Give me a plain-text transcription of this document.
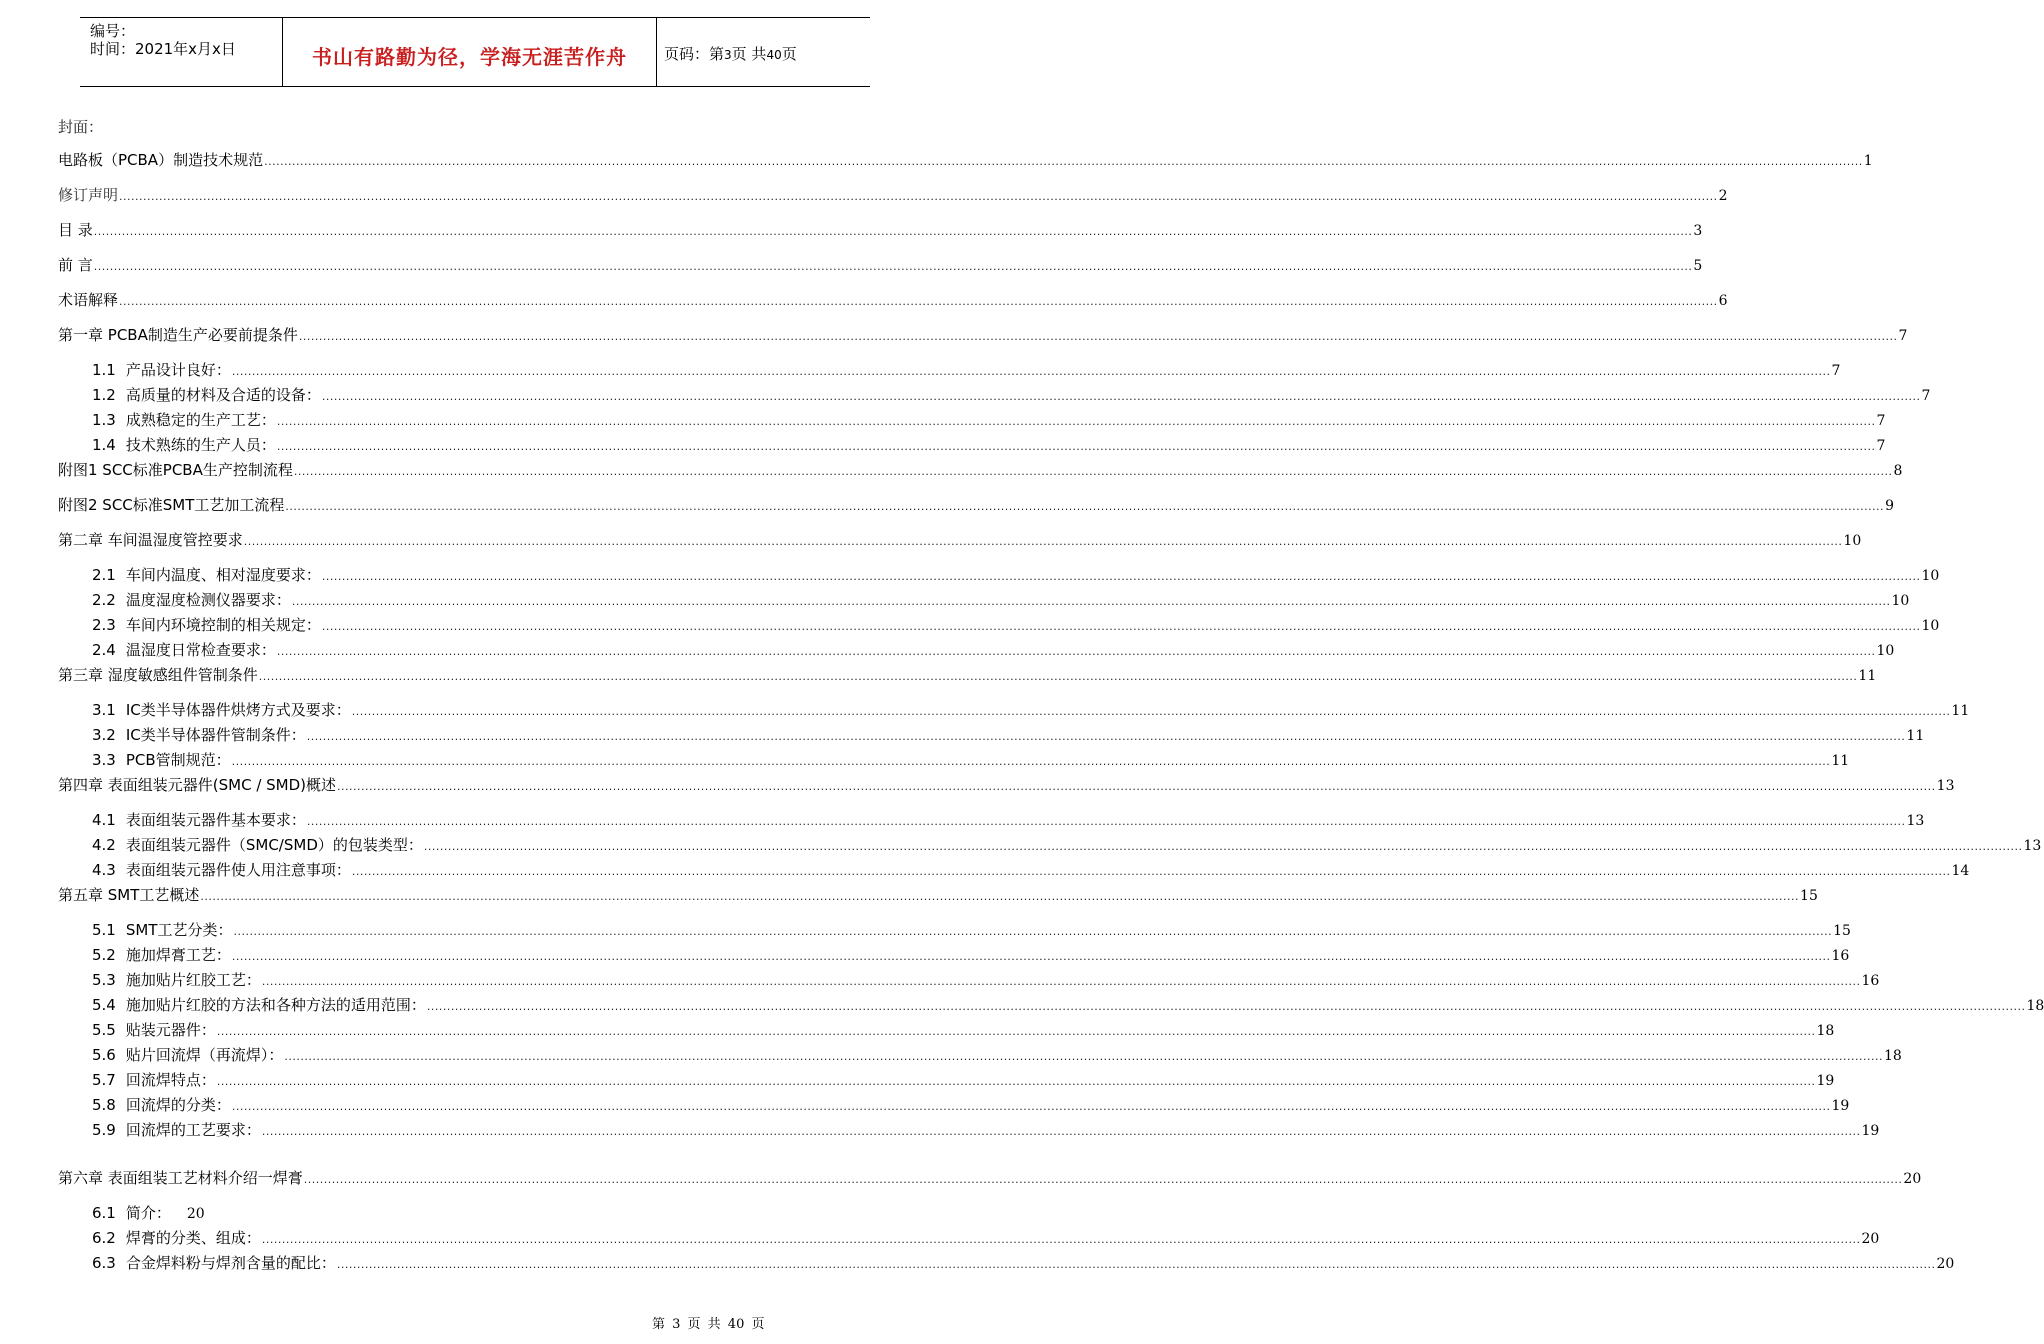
编号：
时间：2021年x月x日	书山有路勤为径，学海无涯苦作舟	页码：第3页 共40页
封面：
电路板（PCBA）制造技术规范 ................................................................................................................................................................................................................................................................................................................................................................................................................ 1
修订声明 ................................................................................................................................................................................................................................................................................................................................................................................................................ 2
目 录 ................................................................................................................................................................................................................................................................................................................................................................................................................ 3
前 言 ................................................................................................................................................................................................................................................................................................................................................................................................................ 5
术语解释 ................................................................................................................................................................................................................................................................................................................................................................................................................ 6
第一章 PCBA制造生产必要前提条件 ................................................................................................................................................................................................................................................................................................................................................................................................................ 7
1.1 产品设计良好： ................................................................................................................................................................................................................................................................................................................................................................................................................ 7
1.2 高质量的材料及合适的设备： ................................................................................................................................................................................................................................................................................................................................................................................................................ 7
1.3 成熟稳定的生产工艺： ................................................................................................................................................................................................................................................................................................................................................................................................................ 7
1.4 技术熟练的生产人员： ................................................................................................................................................................................................................................................................................................................................................................................................................ 7
附图1 SCC标准PCBA生产控制流程 ................................................................................................................................................................................................................................................................................................................................................................................................................ 8
附图2 SCC标准SMT工艺加工流程 ................................................................................................................................................................................................................................................................................................................................................................................................................ 9
第二章 车间温湿度管控要求 ................................................................................................................................................................................................................................................................................................................................................................................................................ 10
2.1 车间内温度、相对湿度要求： ................................................................................................................................................................................................................................................................................................................................................................................................................ 10
2.2 温度湿度检测仪器要求： ................................................................................................................................................................................................................................................................................................................................................................................................................ 10
2.3 车间内环境控制的相关规定： ................................................................................................................................................................................................................................................................................................................................................................................................................ 10
2.4 温湿度日常检查要求： ................................................................................................................................................................................................................................................................................................................................................................................................................ 10
第三章 湿度敏感组件管制条件 ................................................................................................................................................................................................................................................................................................................................................................................................................ 11
3.1 IC类半导体器件烘烤方式及要求： ................................................................................................................................................................................................................................................................................................................................................................................................................ 11
3.2 IC类半导体器件管制条件： ................................................................................................................................................................................................................................................................................................................................................................................................................ 11
3.3 PCB管制规范： ................................................................................................................................................................................................................................................................................................................................................................................................................ 11
第四章 表面组装元器件(SMC / SMD)概述 ................................................................................................................................................................................................................................................................................................................................................................................................................ 13
4.1 表面组装元器件基本要求： ................................................................................................................................................................................................................................................................................................................................................................................................................ 13
4.2 表面组装元器件（SMC/SMD）的包装类型： ................................................................................................................................................................................................................................................................................................................................................................................................................ 13
4.3 表面组装元器件使人用注意事项： ................................................................................................................................................................................................................................................................................................................................................................................................................ 14
第五章 SMT工艺概述 ................................................................................................................................................................................................................................................................................................................................................................................................................ 15
5.1 SMT工艺分类： ................................................................................................................................................................................................................................................................................................................................................................................................................ 15
5.2 施加焊膏工艺： ................................................................................................................................................................................................................................................................................................................................................................................................................ 16
5.3 施加贴片红胶工艺： ................................................................................................................................................................................................................................................................................................................................................................................................................ 16
5.4 施加贴片红胶的方法和各种方法的适用范围： ................................................................................................................................................................................................................................................................................................................................................................................................................ 18
5.5 贴装元器件： ................................................................................................................................................................................................................................................................................................................................................................................................................ 18
5.6 贴片回流焊（再流焊）： ................................................................................................................................................................................................................................................................................................................................................................................................................ 18
5.7 回流焊特点： ................................................................................................................................................................................................................................................................................................................................................................................................................ 19
5.8 回流焊的分类： ................................................................................................................................................................................................................................................................................................................................................................................................................ 19
5.9 回流焊的工艺要求： ................................................................................................................................................................................................................................................................................................................................................................................................................ 19
第六章 表面组装工艺材料介绍一焊膏 ................................................................................................................................................................................................................................................................................................................................................................................................................ 20
6.1 简介： 20
6.2 焊膏的分类、组成： ................................................................................................................................................................................................................................................................................................................................................................................................................ 20
6.3 合金焊料粉与焊剂含量的配比： ................................................................................................................................................................................................................................................................................................................................................................................................................ 20
第 3 页 共 40 页
